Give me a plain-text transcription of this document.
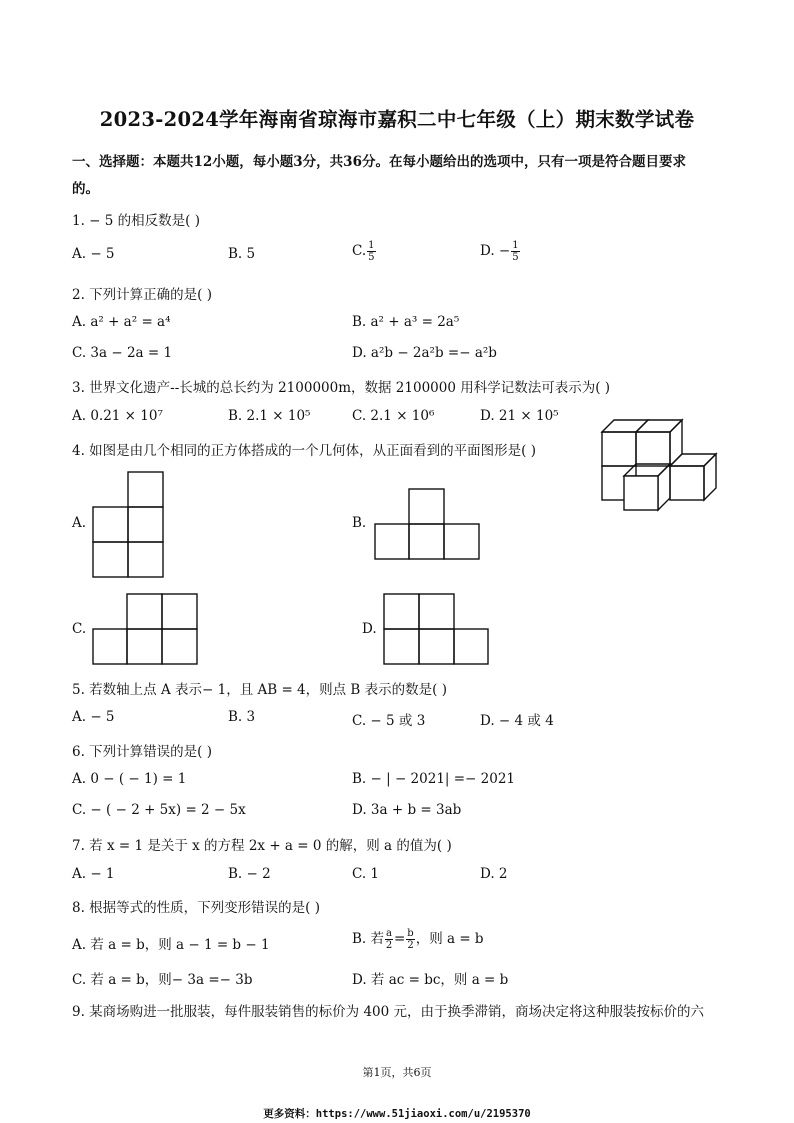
2023-2024学年海南省琼海市嘉积二中七年级（上）期末数学试卷
一、选择题：本题共12小题，每小题3分，共36分。在每小题给出的选项中，只有一项是符合题目要求
的。
1. − 5 的相反数是( )
A. − 5	B. 5	C. $\frac{1}{5}$	D. − $\frac{1}{5}$
2. 下列计算正确的是( )
A. a² + a² = a⁴	B. a² + a³ = 2a⁵
C. 3a − 2a = 1	D. a²b − 2a²b =− a²b
3. 世界文化遗产--长城的总长约为 2100000m，数据 2100000 用科学记数法可表示为( )
A. 0.21 × 10⁷	B. 2.1 × 10⁵	C. 2.1 × 10⁶	D. 21 × 10⁵
4. 如图是由几个相同的正方体搭成的一个几何体，从正面看到的平面图形是( )
A.	B.
C.	D.
5. 若数轴上点 A 表示− 1，且 AB = 4，则点 B 表示的数是( )
A. − 5	B. 3	C. − 5 或 3	D. − 4 或 4
6. 下列计算错误的是( )
A. 0 − ( − 1) = 1	B. − | − 2021| =− 2021
C. − ( − 2 + 5x) = 2 − 5x	D. 3a + b = 3ab
7. 若 x = 1 是关于 x 的方程 2x + a = 0 的解，则 a 的值为( )
A. − 1	B. − 2	C. 1	D. 2
8. 根据等式的性质，下列变形错误的是( )
A. 若 a = b，则 a − 1 = b − 1	B. 若 $\frac{a}{2} = \frac{b}{2}$ ，则 a = b
C. 若 a = b，则− 3a =− 3b	D. 若 ac = bc，则 a = b
9. 某商场购进一批服装，每件服装销售的标价为 400 元，由于换季滞销，商场决定将这种服装按标价的六
第1页，共6页
更多资料：https://www.51jiaoxi.com/u/2195370
